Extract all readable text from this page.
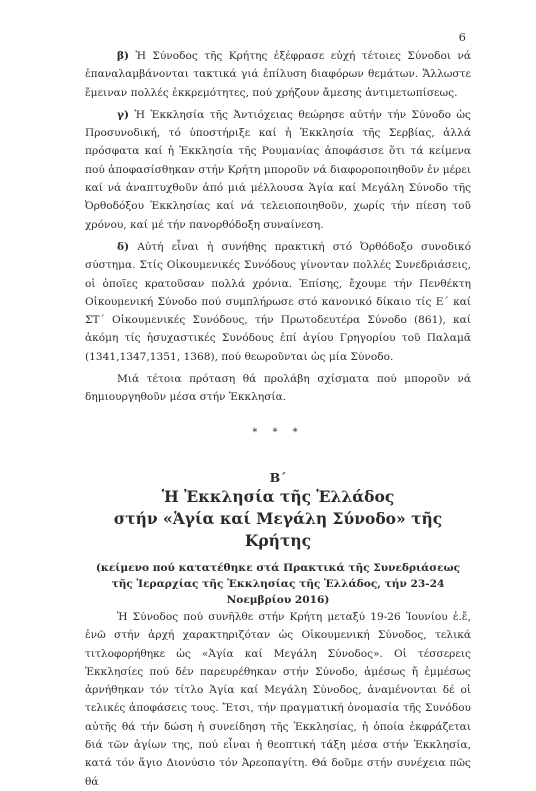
6

β) Ἡ Σύνοδος τῆς Κρήτης ἐξέφρασε εὐχή τέτοιες Σύνοδοι νά ἐπαναλαμβάνονται τακτικά γιά ἐπίλυση διαφόρων θεμάτων. Ἄλλωστε ἔμειναν πολλές ἐκκρεμότητες, πού χρήζουν ἄμεσης ἀντιμετωπίσεως.

γ) Ἡ Ἐκκλησία τῆς Ἀντιόχειας θεώρησε αὐτήν τήν Σύνοδο ὡς Προσυνοδική, τό ὑποστήριξε καί ἡ Ἐκκλησία τῆς Σερβίας, ἀλλά πρόσφατα καί ἡ Ἐκκλησία τῆς Ρουμανίας ἀποφάσισε ὅτι τά κείμενα πού ἀποφασίσθηκαν στήν Κρήτη μποροῦν νά διαφοροποιηθοῦν ἐν μέρει καί νά ἀναπτυχθοῦν ἀπό μιά μέλλουσα Ἁγία καί Μεγάλη Σύνοδο τῆς Ὀρθοδόξου Ἐκκλησίας καί νά τελειοποιηθοῦν, χωρίς τήν πίεση τοῦ χρόνου, καί μέ τήν πανορθόδοξη συναίνεση.

δ) Αὐτή εἶναι ἡ συνήθης πρακτική στό Ὀρθόδοξο συνοδικό σύστημα. Στίς Οἰκουμενικές Συνόδους γίνονταν πολλές Συνεδριάσεις, οἱ ὁποῖες κρατοῦσαν πολλά χρόνια. Ἐπίσης, ἔχουμε τήν Πενθέκτη Οἰκουμενική Σύνοδο πού συμπλήρωσε στό κανονικό δίκαιο τίς Ε΄ καί ΣΤ΄ Οἰκουμενικές Συνόδους, τήν Πρωτοδευτέρα Σύνοδο (861), καί ἀκόμη τίς ἡσυχαστικές Συνόδους ἐπί ἁγίου Γρηγορίου τοῦ Παλαμᾶ (1341,1347,1351, 1368), πού θεωροῦνται ὡς μία Σύνοδο.

Μιά τέτοια πρόταση θά προλάβη σχίσματα πού μποροῦν νά δημιουργηθοῦν μέσα στήν Ἐκκλησία.

* * *
Β΄
Ἡ Ἐκκλησία τῆς Ἑλλάδος
στήν «Ἁγία καί Μεγάλη Σύνοδο» τῆς Κρήτης
(κείμενο πού κατατέθηκε στά Πρακτικά τῆς Συνεδριάσεως τῆς Ἱεραρχίας τῆς Ἐκκλησίας τῆς Ἑλλάδος, τήν 23-24 Νοεμβρίου 2016)

Ἡ Σύνοδος πού συνῆλθε στήν Κρήτη μεταξύ 19-26 Ἰουνίου ἐ.ἔ, ἐνῶ στήν ἀρχή χαρακτηριζόταν ὡς Οἰκουμενική Σύνοδος, τελικά τιτλοφορήθηκε ὡς «Ἁγία καί Μεγάλη Σύνοδος». Οἱ τέσσερεις Ἐκκλησίες πού δέν παρευρέθηκαν στήν Σύνοδο, ἀμέσως ἤ ἐμμέσως ἀρνήθηκαν τόν τίτλο Ἁγία καί Μεγάλη Σύνοδος, ἀναμένονται δέ οἱ τελικές ἀποφάσεις τους. Ἔτσι, τήν πραγματική ὀνομασία τῆς Συνόδου αὐτῆς θά τήν δώση ἡ συνείδηση τῆς Ἐκκλησίας, ἡ ὁποία ἐκφράζεται διά τῶν ἁγίων της, πού εἶναι ἡ θεοπτική τάξη μέσα στήν Ἐκκλησία, κατά τόν ἅγιο Διονύσιο τόν Ἀρεοπαγίτη. Θά δοῦμε στήν συνέχεια πῶς θά
